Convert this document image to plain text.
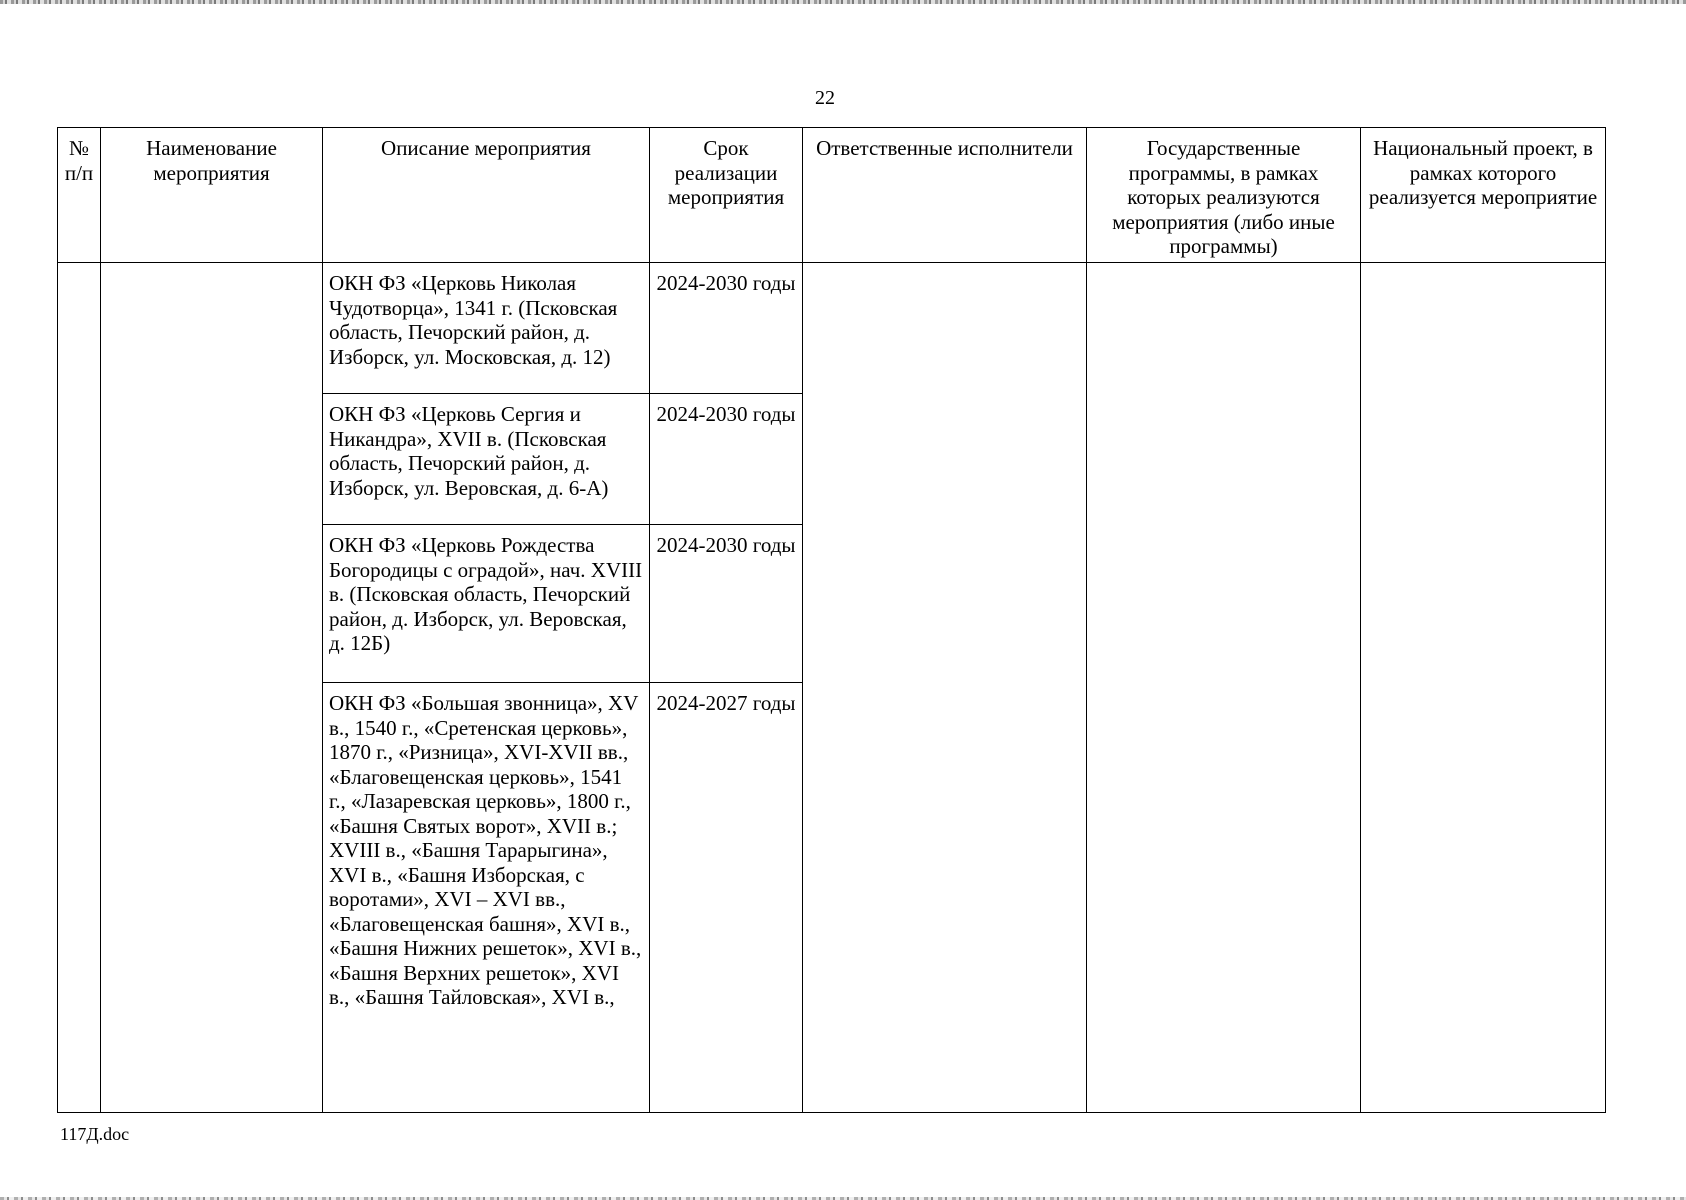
22
№ п/п	Наименование мероприятия	Описание мероприятия	Срок реализации мероприятия	Ответственные исполнители	Государственные программы, в рамках которых реализуются мероприятия (либо иные программы)	Национальный проект, в рамках которого реализуется мероприятие
		ОКН ФЗ «Церковь Николая Чудотворца», 1341 г. (Псковская область, Печорский район, д. Изборск, ул. Московская, д. 12)	2024-2030 годы			
		ОКН ФЗ «Церковь Сергия и Никандра», XVII в. (Псковская область, Печорский район, д. Изборск, ул. Веровская, д. 6-А)	2024-2030 годы			
		ОКН ФЗ «Церковь Рождества Богородицы с оградой», нач. XVIII в. (Псковская область, Печорский район, д. Изборск, ул. Веровская, д. 12Б)	2024-2030 годы			
		ОКН ФЗ «Большая звонница», XV в., 1540 г., «Сретенская церковь», 1870 г., «Ризница», XVI-XVII вв., «Благовещенская церковь», 1541 г., «Лазаревская церковь», 1800 г., «Башня Святых ворот», XVII в.; XVIII в., «Башня Тарарыгина», XVI в., «Башня Изборская, с воротами», XVI – XVI вв., «Благовещенская башня», XVI в., «Башня Нижних решеток», XVI в., «Башня Верхних решеток», XVI в., «Башня Тайловская», XVI в.,	2024-2027 годы			
117Д.doc
